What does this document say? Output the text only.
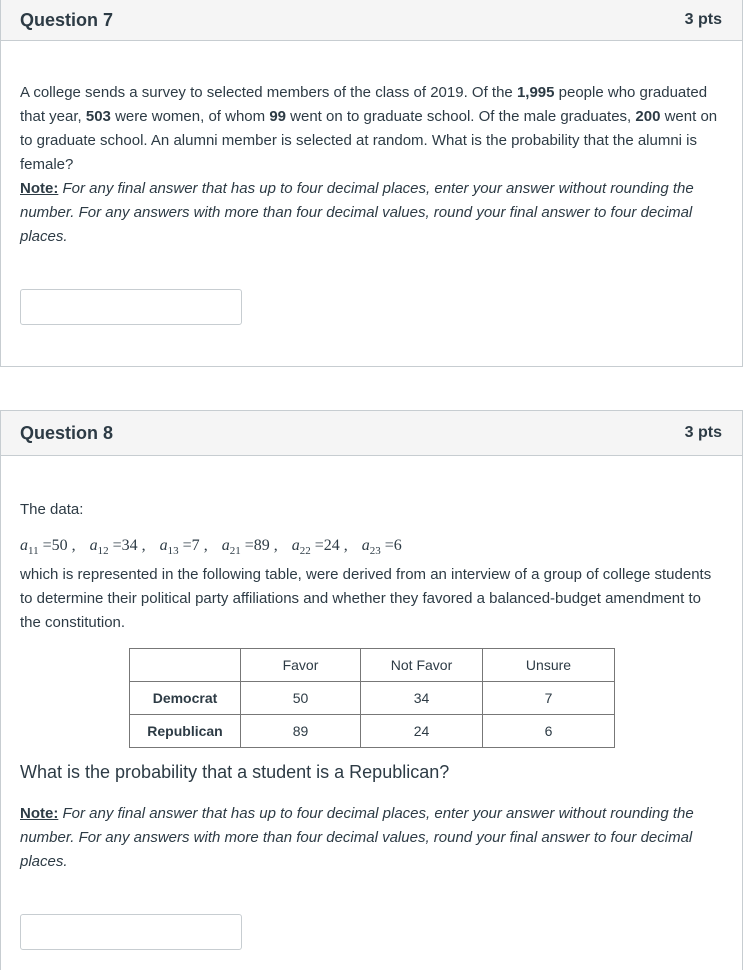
Question 7	3 pts

A college sends a survey to selected members of the class of 2019. Of the 1,995 people who graduated that year, 503 were women, of whom 99 went on to graduate school. Of the male graduates, 200 went on to graduate school. An alumni member is selected at random. What is the probability that the alumni is female?

Note: For any final answer that has up to four decimal places, enter your answer without rounding the number. For any answers with more than four decimal values, round your final answer to four decimal places.

Question 8	3 pts

The data:

$a_{11} =50$ , $a_{12} =34$ , $a_{13} =7$ , $a_{21} =89$ , $a_{22} =24$ , $a_{23} =6$

which is represented in the following table, were derived from an interview of a group of college students to determine their political party affiliations and whether they favored a balanced-budget amendment to the constitution.

	Favor	Not Favor	Unsure
Democrat	50	34	7
Republican	89	24	6

What is the probability that a student is a Republican?

Note: For any final answer that has up to four decimal places, enter your answer without rounding the number. For any answers with more than four decimal values, round your final answer to four decimal places.
